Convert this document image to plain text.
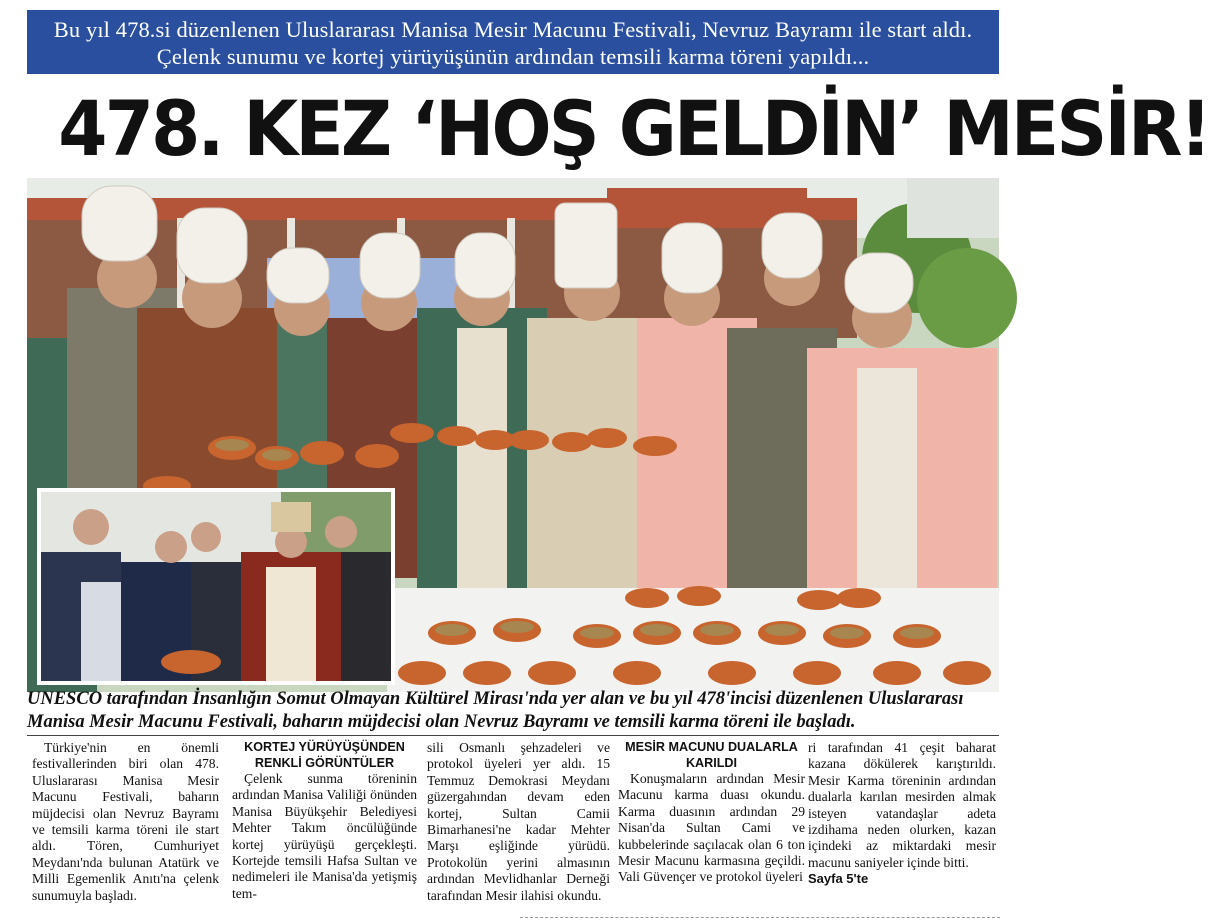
Bu yıl 478.si düzenlenen Uluslararası Manisa Mesir Macunu Festivali, Nevruz Bayramı ile start aldı. Çelenk sunumu ve kortej yürüyüşünün ardından temsili karma töreni yapıldı...
478. KEZ ‘HOŞ GELDİN’ MESİR!
UNESCO tarafından İnsanlığın Somut Olmayan Kültürel Mirası'nda yer alan ve bu yıl 478'incisi düzenlenen Uluslararası Manisa Mesir Macunu Festivali, baharın müjdecisi olan Nevruz Bayramı ve temsili karma töreni ile başladı.

Türkiye'nin en önemli festivallerinden biri olan 478. Uluslararası Manisa Mesir Macunu Festivali, baharın müjdecisi olan Nevruz Bayramı ve temsili karma töreni ile start aldı. Tören, Cumhuriyet Meydanı'nda bulunan Atatürk ve Milli Egemenlik Anıtı'na çelenk sunumuyla başladı.

KORTEJ YÜRÜYÜŞÜNDEN RENKLİ GÖRÜNTÜLER

Çelenk sunma töreninin ardından Manisa Valiliği önünden Manisa Büyükşehir Belediyesi Mehter Takım öncülüğünde kortej yürüyüşü gerçekleşti. Kortejde temsili Hafsa Sultan ve nedimeleri ile Manisa'da yetişmiş tem-

sili Osmanlı şehzadeleri ve protokol üyeleri yer aldı. 15 Temmuz Demokrasi Meydanı güzergahından devam eden kortej, Sultan Camii Bimarhanesi'ne kadar Mehter Marşı eşliğinde yürüdü. Protokolün yerini almasının ardından Mevlidhanlar Derneği tarafından Mesir ilahisi okundu.

MESİR MACUNU DUALARLA KARILDI

Konuşmaların ardından Mesir Macunu karma duası okundu. Karma duasının ardından 29 Nisan'da Sultan Cami ve kubbelerinde saçılacak olan 6 ton Mesir Macunu karmasına geçildi. Vali Güvençer ve protokol üyeleri

ri tarafından 41 çeşit baharat kazana dökülerek karıştırıldı. Mesir Karma töreninin ardından dualarla karılan mesirden almak isteyen vatandaşlar adeta izdihama neden olurken, kazan içindeki az miktardaki mesir macunu saniyeler içinde bitti.

Sayfa 5'te
